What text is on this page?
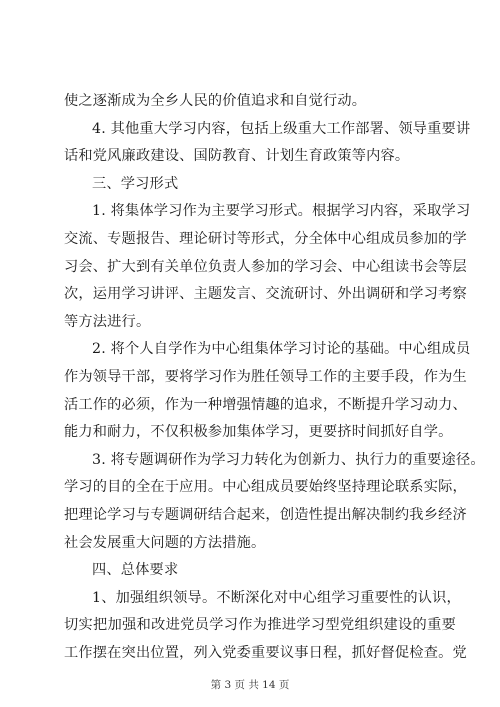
使之逐渐成为全乡人民的价值追求和自觉行动。
4. 其他重大学习内容，包括上级重大工作部署、领导重要讲
话和党风廉政建设、国防教育、计划生育政策等内容。
三、学习形式
1. 将集体学习作为主要学习形式。根据学习内容，采取学习
交流、专题报告、理论研讨等形式，分全体中心组成员参加的学
习会、扩大到有关单位负责人参加的学习会、中心组读书会等层
次，运用学习讲评、主题发言、交流研讨、外出调研和学习考察
等方法进行。
2. 将个人自学作为中心组集体学习讨论的基础。中心组成员
作为领导干部，要将学习作为胜任领导工作的主要手段，作为生
活工作的必须，作为一种增强情趣的追求，不断提升学习动力、
能力和耐力，不仅积极参加集体学习，更要挤时间抓好自学。
3. 将专题调研作为学习力转化为创新力、执行力的重要途径。
学习的目的全在于应用。中心组成员要始终坚持理论联系实际，
把理论学习与专题调研结合起来，创造性提出解决制约我乡经济
社会发展重大问题的方法措施。
四、总体要求
1、加强组织领导。不断深化对中心组学习重要性的认识，
切实把加强和改进党员学习作为推进学习型党组织建设的重要
工作摆在突出位置，列入党委重要议事日程，抓好督促检查。党
第 3 页 共 14 页
